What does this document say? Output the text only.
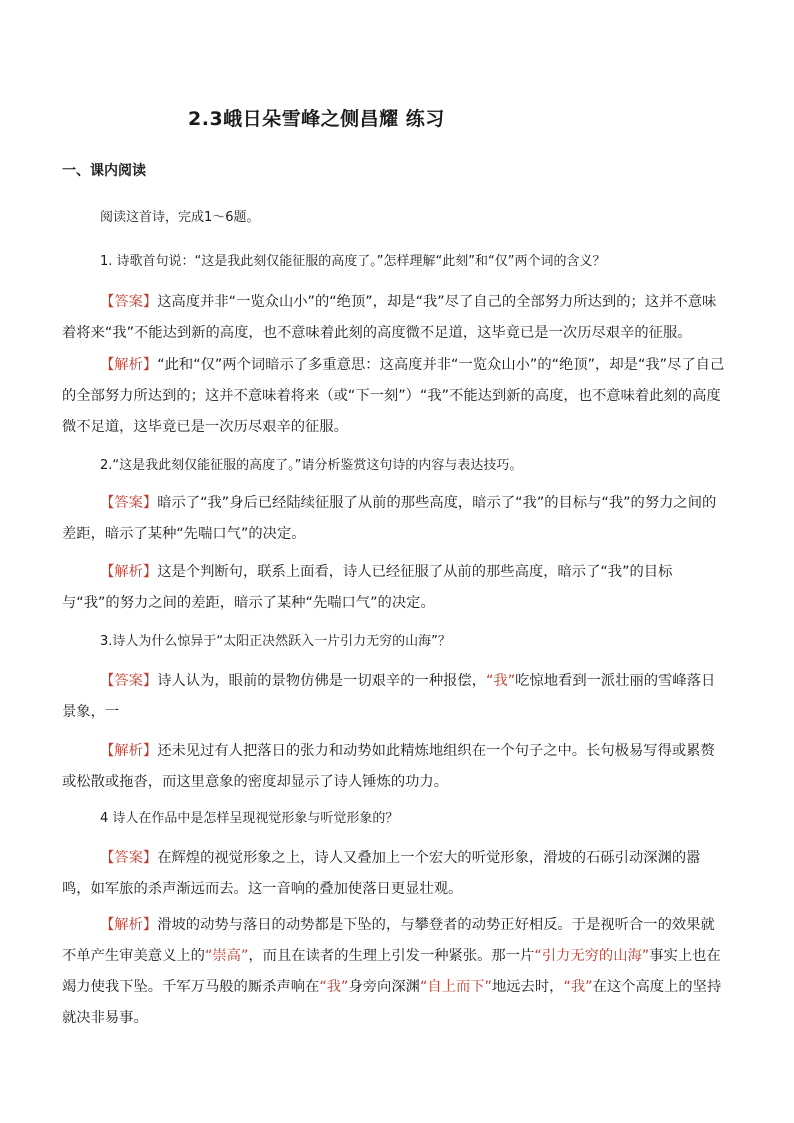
2.3峨日朵雪峰之侧昌耀 练习
一、课内阅读

阅读这首诗，完成1～6题。

1. 诗歌首句说：“这是我此刻仅能征服的高度了。”怎样理解“此刻”和“仅”两个词的含义？

【答案】这高度并非“一览众山小”的“绝顶”，却是“我”尽了自己的全部努力所达到的；这并不意味着将来“我”不能达到新的高度，也不意味着此刻的高度微不足道，这毕竟已是一次历尽艰辛的征服。

【解析】“此和“仅”两个词暗示了多重意思：这高度并非“一览众山小”的“绝顶”，却是“我”尽了自己的全部努力所达到的；这并不意味着将来（或“下一刻”）“我”不能达到新的高度，也不意味着此刻的高度微不足道，这毕竟已是一次历尽艰辛的征服。

2.“这是我此刻仅能征服的高度了。”请分析鉴赏这句诗的内容与表达技巧。

【答案】暗示了“我”身后已经陆续征服了从前的那些高度，暗示了“我”的目标与“我”的努力之间的差距，暗示了某种“先喘口气”的决定。

【解析】这是个判断句，联系上面看，诗人已经征服了从前的那些高度，暗示了“我”的目标与“我”的努力之间的差距，暗示了某种“先喘口气”的决定。

3.诗人为什么惊异于“太阳正决然跃入一片引力无穷的山海”？

【答案】诗人认为，眼前的景物仿佛是一切艰辛的一种报偿，“我”吃惊地看到一派壮丽的雪峰落日景象，一

【解析】还未见过有人把落日的张力和动势如此精炼地组织在一个句子之中。长句极易写得或累赘或松散或拖沓，而这里意象的密度却显示了诗人锤炼的功力。

4 诗人在作品中是怎样呈现视觉形象与听觉形象的？

【答案】在辉煌的视觉形象之上，诗人又叠加上一个宏大的听觉形象，滑坡的石砾引动深渊的嚣鸣，如军旅的杀声渐远而去。这一音响的叠加使落日更显壮观。

【解析】滑坡的动势与落日的动势都是下坠的，与攀登者的动势正好相反。于是视听合一的效果就不单产生审美意义上的“崇高”，而且在读者的生理上引发一种紧张。那一片“引力无穷的山海”事实上也在竭力使我下坠。千军万马般的厮杀声响在“我”身旁向深渊“自上而下”地远去时，“我”在这个高度上的坚持就决非易事。
